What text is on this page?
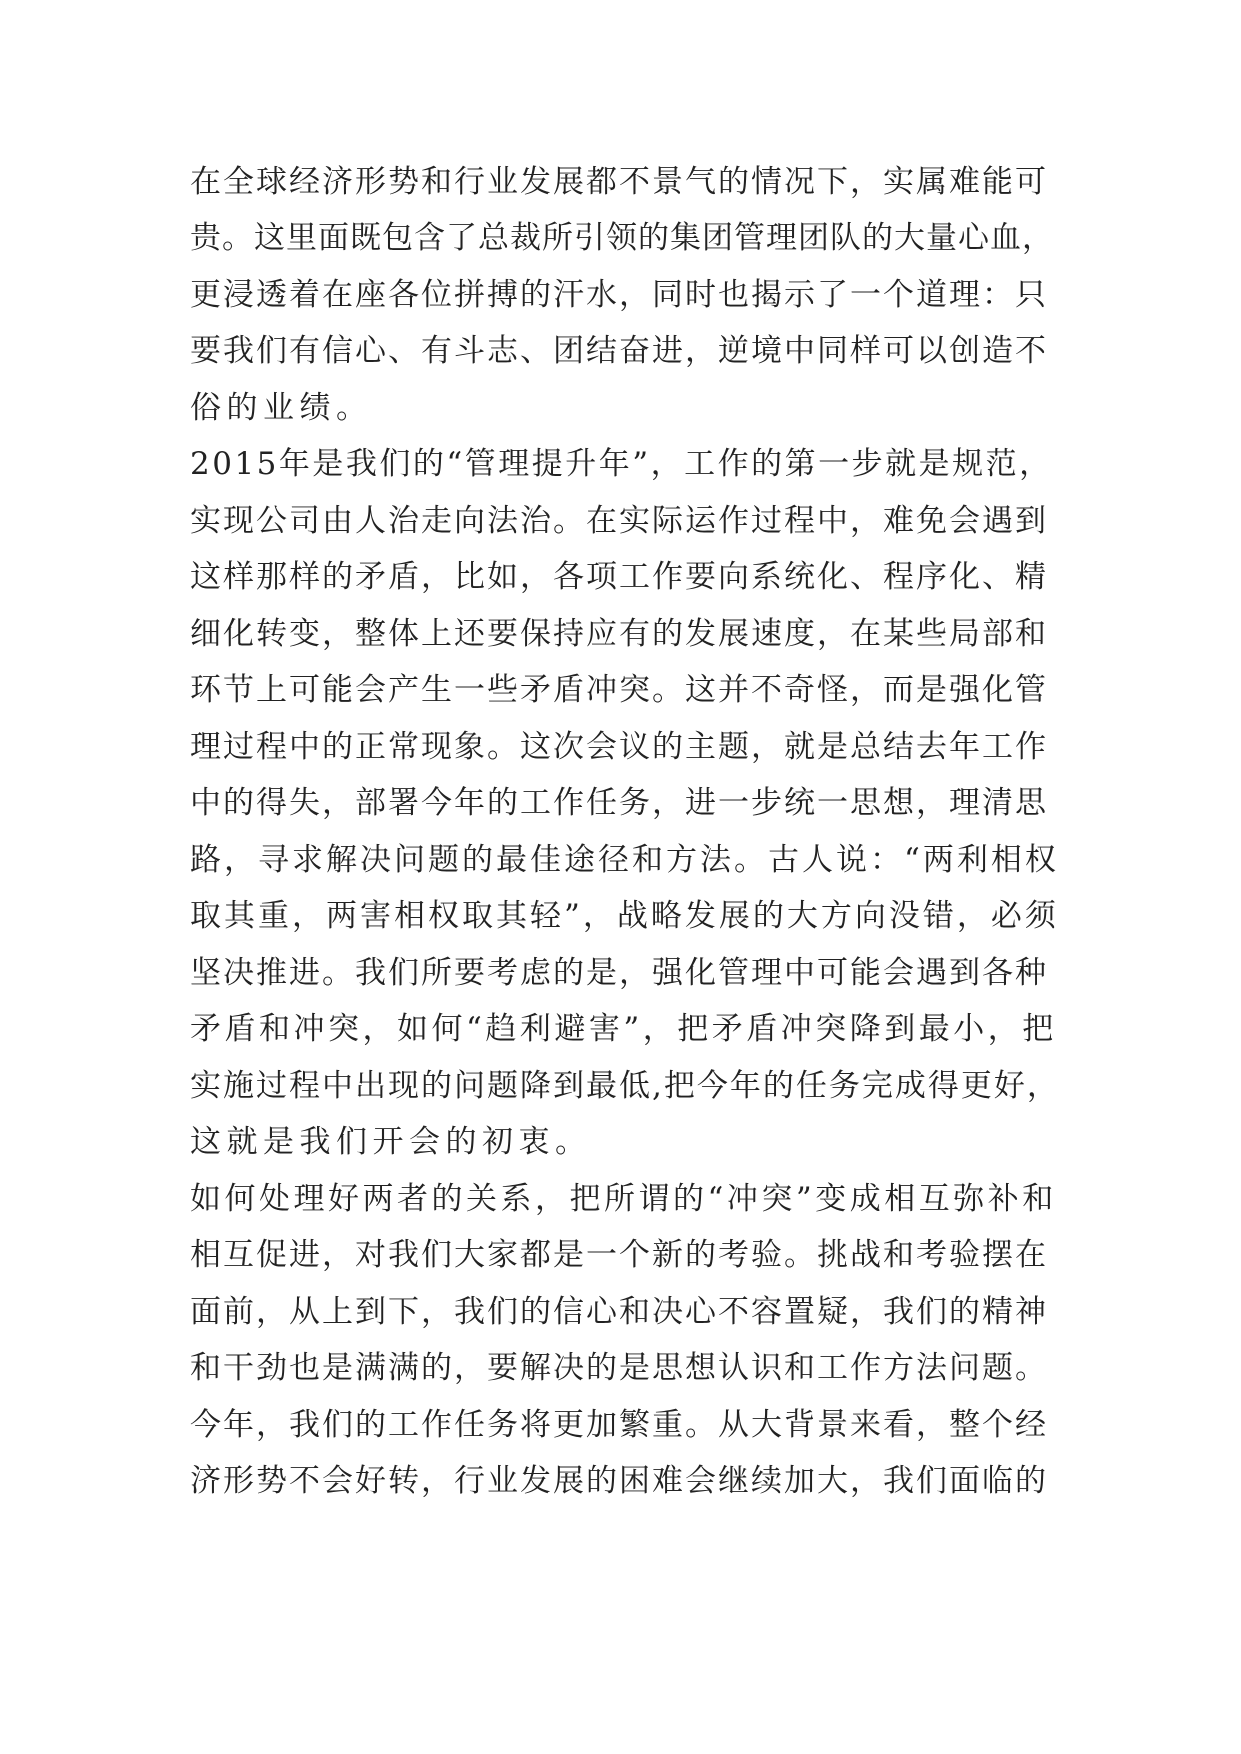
在全球经济形势和行业发展都不景气的情况下，实属难能可
贵。这里面既包含了总裁所引领的集团管理团队的大量心血，
更浸透着在座各位拼搏的汗水，同时也揭示了一个道理：只
要我们有信心、有斗志、团结奋进，逆境中同样可以创造不
俗的业绩。
2015年是我们的“管理提升年”，工作的第一步就是规范，
实现公司由人治走向法治。在实际运作过程中，难免会遇到
这样那样的矛盾，比如，各项工作要向系统化、程序化、精
细化转变，整体上还要保持应有的发展速度，在某些局部和
环节上可能会产生一些矛盾冲突。这并不奇怪，而是强化管
理过程中的正常现象。这次会议的主题，就是总结去年工作
中的得失，部署今年的工作任务，进一步统一思想，理清思
路，寻求解决问题的最佳途径和方法。古人说：“两利相权
取其重，两害相权取其轻”，战略发展的大方向没错，必须
坚决推进。我们所要考虑的是，强化管理中可能会遇到各种
矛盾和冲突，如何“趋利避害”，把矛盾冲突降到最小，把
实施过程中出现的问题降到最低,把今年的任务完成得更好，
这就是我们开会的初衷。
如何处理好两者的关系，把所谓的“冲突”变成相互弥补和
相互促进，对我们大家都是一个新的考验。挑战和考验摆在
面前，从上到下，我们的信心和决心不容置疑，我们的精神
和干劲也是满满的，要解决的是思想认识和工作方法问题。
今年，我们的工作任务将更加繁重。从大背景来看，整个经
济形势不会好转，行业发展的困难会继续加大，我们面临的
